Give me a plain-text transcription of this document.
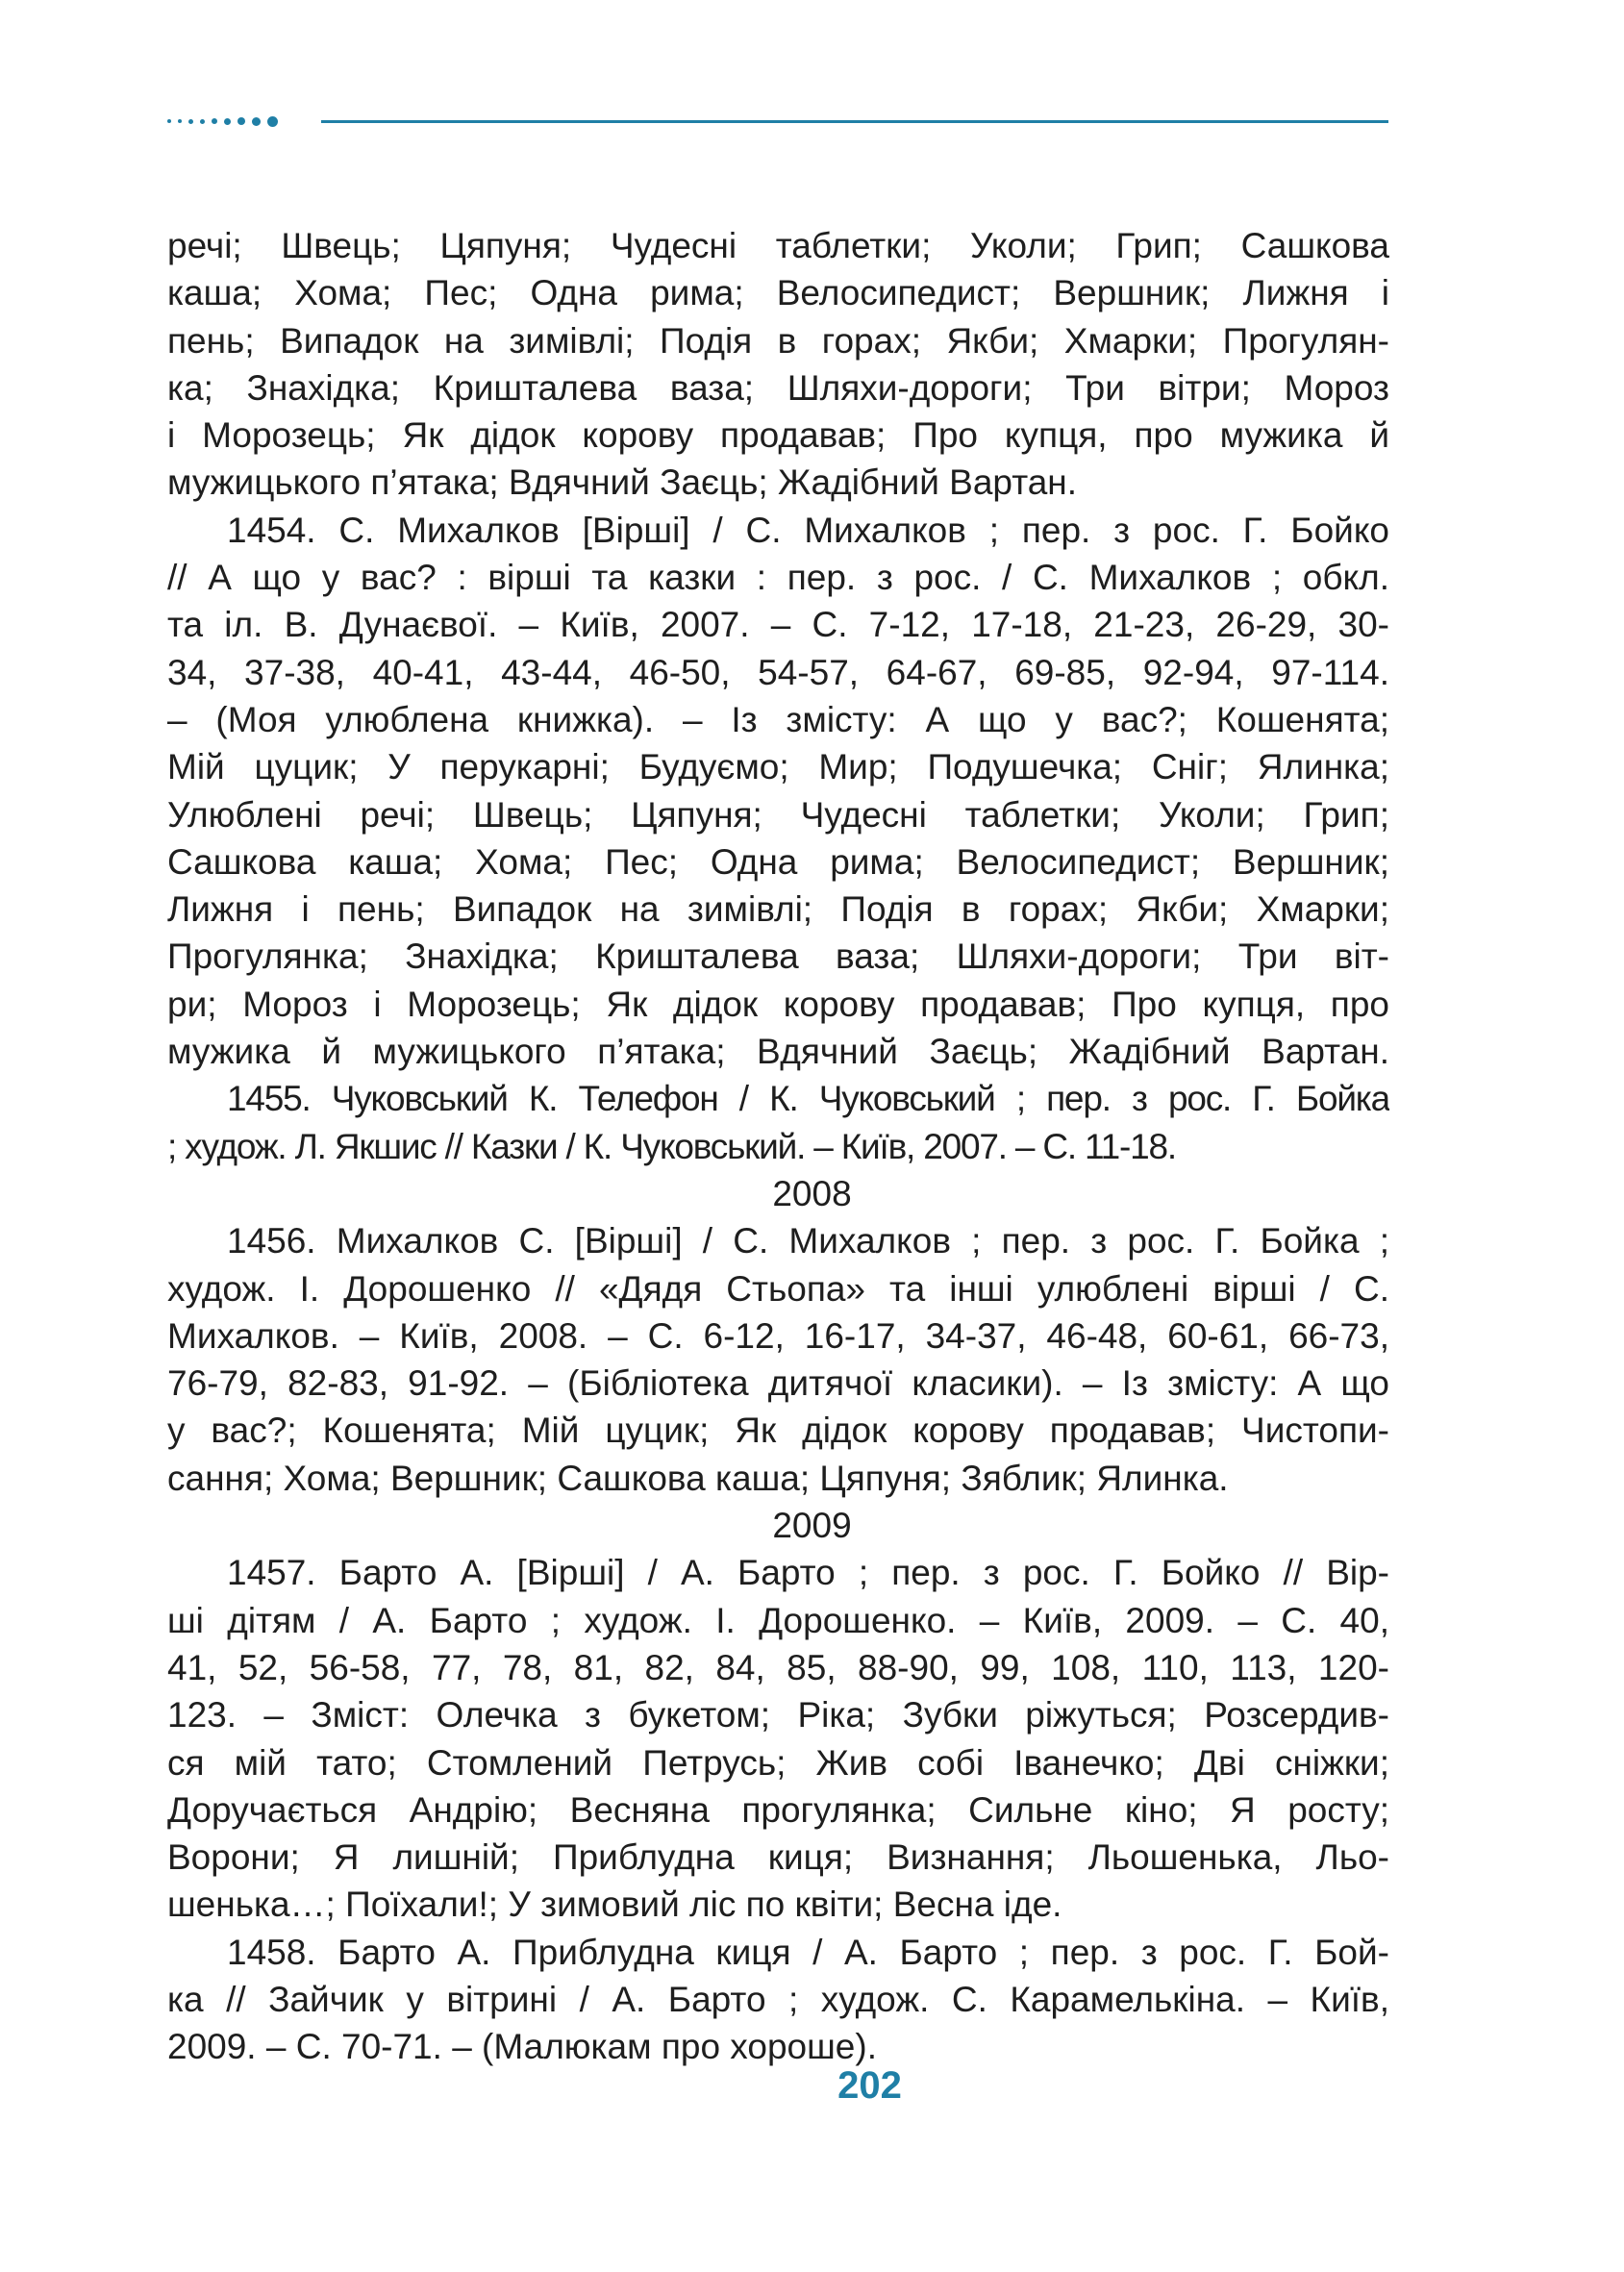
речі; Швець; Цяпуня; Чудесні таблетки; Уколи; Грип; Сашкова
каша; Хома; Пес; Одна рима; Велосипедист; Вершник; Лижня і
пень; Випадок на зимівлі; Подія в горах; Якби; Хмарки; Прогулян-
ка; Знахідка; Кришталева ваза; Шляхи-дороги; Три вітри; Мороз
і Морозець; Як дідок корову продавав; Про купця, про мужика й
мужицького п’ятака; Вдячний Заєць; Жадібний Вартан.
1454. С. Михалков [Вірші] / С. Михалков ; пер. з рос. Г. Бойко
// А що у вас? : вірші та казки : пер. з рос. / С. Михалков ; обкл.
та іл. В. Дунаєвої. – Київ, 2007. – С. 7-12, 17-18, 21-23, 26-29, 30-
34, 37-38, 40-41, 43-44, 46-50, 54-57, 64-67, 69-85, 92-94, 97-114.
– (Моя улюблена книжка). – Із змісту: А що у вас?; Кошенята;
Мій цуцик; У перукарні; Будуємо; Мир; Подушечка; Сніг; Ялинка;
Улюблені речі; Швець; Цяпуня; Чудесні таблетки; Уколи; Грип;
Сашкова каша; Хома; Пес; Одна рима; Велосипедист; Вершник;
Лижня і пень; Випадок на зимівлі; Подія в горах; Якби; Хмарки;
Прогулянка; Знахідка; Кришталева ваза; Шляхи-дороги; Три віт-
ри; Мороз і Морозець; Як дідок корову продавав; Про купця, про
мужика й мужицького п’ятака; Вдячний Заєць; Жадібний Вартан.
1455. Чуковський К. Телефон / К. Чуковський ; пер. з рос. Г. Бойка
; худож. Л. Якшис // Казки / К. Чуковський. – Київ, 2007. – С. 11-18.
2008
1456. Михалков С. [Вірші] / С. Михалков ; пер. з рос. Г. Бойка ;
худож. І. Дорошенко // «Дядя Стьопа» та інші улюблені вірші / С.
Михалков. – Київ, 2008. – С. 6-12, 16-17, 34-37, 46-48, 60-61, 66-73,
76-79, 82-83, 91-92. – (Бібліотека дитячої класики). – Із змісту: А що
у вас?; Кошенята; Мій цуцик; Як дідок корову продавав; Чистопи-
сання; Хома; Вершник; Сашкова каша; Цяпуня; Зяблик; Ялинка.
2009
1457. Барто А. [Вірші] / А. Барто ; пер. з рос. Г. Бойко // Вір-
ші дітям / А. Барто ; худож. І. Дорошенко. – Київ, 2009. – С. 40,
41, 52, 56-58, 77, 78, 81, 82, 84, 85, 88-90, 99, 108, 110, 113, 120-
123. – Зміст: Олечка з букетом; Ріка; Зубки ріжуться; Розсердив-
ся мій тато; Стомлений Петрусь; Жив собі Іванечко; Дві сніжки;
Доручається Андрію; Весняна прогулянка; Сильне кіно; Я росту;
Ворони; Я лишній; Приблудна киця; Визнання; Льошенька, Льо-
шенька…; Поїхали!; У зимовий ліс по квіти; Весна іде.
1458. Барто А. Приблудна киця / А. Барто ; пер. з рос. Г. Бой-
ка // Зайчик у вітрині / А. Барто ; худож. С. Карамелькіна. – Київ,
2009. – С. 70-71. – (Малюкам про хороше).
202
